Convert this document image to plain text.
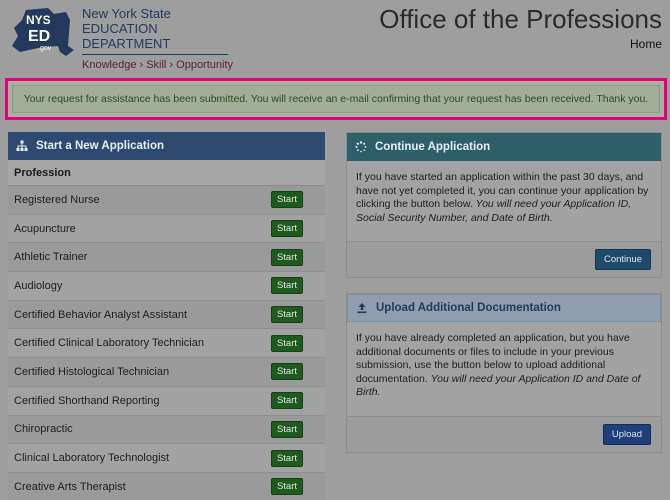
NYS
ED
.gov
New York State
EDUCATION DEPARTMENT
Knowledge › Skill › Opportunity
Office of the Professions
Home
Your request for assistance has been submitted. You will receive an e-mail confirming that your request has been received. Thank you.
Start a New Application
Profession
Registered Nurse	Start
Acupuncture	Start
Athletic Trainer	Start
Audiology	Start
Certified Behavior Analyst Assistant	Start
Certified Clinical Laboratory Technician	Start
Certified Histological Technician	Start
Certified Shorthand Reporting	Start
Chiropractic	Start
Clinical Laboratory Technologist	Start
Creative Arts Therapist	Start
Continue Application
If you have started an application within the past 30 days, and have not yet completed it, you can continue your application by clicking the button below. You will need your Application ID, Social Security Number, and Date of Birth.
Continue
Upload Additional Documentation
If you have already completed an application, but you have additional documents or files to include in your previous submission, use the button below to upload additional documentation. You will need your Application ID and Date of Birth.
Upload
